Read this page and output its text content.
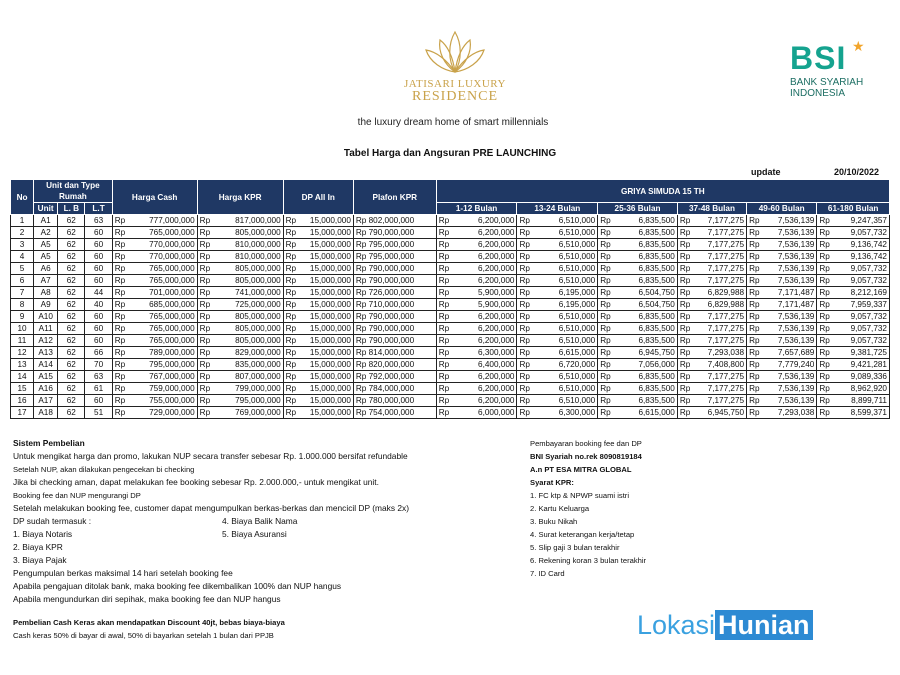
JATISARI LUXURY
RESIDENCE
the luxury dream home of smart millennials
BSI ★
BANK SYARIAH
INDONESIA
Tabel Harga dan Angsuran PRE LAUNCHING
update	20/10/2022
No	Unit dan Type Rumah			Harga Cash		Harga KPR		DP All In		Plafon KPR	GRIYA SIMUDA 15 TH											
	Unit	L. B	L.T								1-12 Bulan		13-24 Bulan		25-36 Bulan		37-48 Bulan		49-60 Bulan		61-180 Bulan	
1	A1	62	63	Rp	777,000,000	Rp	817,000,000	Rp	15,000,000	Rp 802,000,000	Rp	6,200,000	Rp	6,510,000	Rp	6,835,500	Rp	7,177,275	Rp	7,536,139	Rp	9,247,357
2	A2	62	60	Rp	765,000,000	Rp	805,000,000	Rp	15,000,000	Rp 790,000,000	Rp	6,200,000	Rp	6,510,000	Rp	6,835,500	Rp	7,177,275	Rp	7,536,139	Rp	9,057,732
3	A5	62	60	Rp	770,000,000	Rp	810,000,000	Rp	15,000,000	Rp 795,000,000	Rp	6,200,000	Rp	6,510,000	Rp	6,835,500	Rp	7,177,275	Rp	7,536,139	Rp	9,136,742
4	A5	62	60	Rp	770,000,000	Rp	810,000,000	Rp	15,000,000	Rp 795,000,000	Rp	6,200,000	Rp	6,510,000	Rp	6,835,500	Rp	7,177,275	Rp	7,536,139	Rp	9,136,742
5	A6	62	60	Rp	765,000,000	Rp	805,000,000	Rp	15,000,000	Rp 790,000,000	Rp	6,200,000	Rp	6,510,000	Rp	6,835,500	Rp	7,177,275	Rp	7,536,139	Rp	9,057,732
6	A7	62	60	Rp	765,000,000	Rp	805,000,000	Rp	15,000,000	Rp 790,000,000	Rp	6,200,000	Rp	6,510,000	Rp	6,835,500	Rp	7,177,275	Rp	7,536,139	Rp	9,057,732
7	A8	62	44	Rp	701,000,000	Rp	741,000,000	Rp	15,000,000	Rp 726,000,000	Rp	5,900,000	Rp	6,195,000	Rp	6,504,750	Rp	6,829,988	Rp	7,171,487	Rp	8,212,169
8	A9	62	40	Rp	685,000,000	Rp	725,000,000	Rp	15,000,000	Rp 710,000,000	Rp	5,900,000	Rp	6,195,000	Rp	6,504,750	Rp	6,829,988	Rp	7,171,487	Rp	7,959,337
9	A10	62	60	Rp	765,000,000	Rp	805,000,000	Rp	15,000,000	Rp 790,000,000	Rp	6,200,000	Rp	6,510,000	Rp	6,835,500	Rp	7,177,275	Rp	7,536,139	Rp	9,057,732
10	A11	62	60	Rp	765,000,000	Rp	805,000,000	Rp	15,000,000	Rp 790,000,000	Rp	6,200,000	Rp	6,510,000	Rp	6,835,500	Rp	7,177,275	Rp	7,536,139	Rp	9,057,732
11	A12	62	60	Rp	765,000,000	Rp	805,000,000	Rp	15,000,000	Rp 790,000,000	Rp	6,200,000	Rp	6,510,000	Rp	6,835,500	Rp	7,177,275	Rp	7,536,139	Rp	9,057,732
12	A13	62	66	Rp	789,000,000	Rp	829,000,000	Rp	15,000,000	Rp 814,000,000	Rp	6,300,000	Rp	6,615,000	Rp	6,945,750	Rp	7,293,038	Rp	7,657,689	Rp	9,381,725
13	A14	62	70	Rp	795,000,000	Rp	835,000,000	Rp	15,000,000	Rp 820,000,000	Rp	6,400,000	Rp	6,720,000	Rp	7,056,000	Rp	7,408,800	Rp	7,779,240	Rp	9,421,281
14	A15	62	63	Rp	767,000,000	Rp	807,000,000	Rp	15,000,000	Rp 792,000,000	Rp	6,200,000	Rp	6,510,000	Rp	6,835,500	Rp	7,177,275	Rp	7,536,139	Rp	9,089,336
15	A16	62	61	Rp	759,000,000	Rp	799,000,000	Rp	15,000,000	Rp 784,000,000	Rp	6,200,000	Rp	6,510,000	Rp	6,835,500	Rp	7,177,275	Rp	7,536,139	Rp	8,962,920
16	A17	62	60	Rp	755,000,000	Rp	795,000,000	Rp	15,000,000	Rp 780,000,000	Rp	6,200,000	Rp	6,510,000	Rp	6,835,500	Rp	7,177,275	Rp	7,536,139	Rp	8,899,711
17	A18	62	51	Rp	729,000,000	Rp	769,000,000	Rp	15,000,000	Rp 754,000,000	Rp	6,000,000	Rp	6,300,000	Rp	6,615,000	Rp	6,945,750	Rp	7,293,038	Rp	8,599,371
Sistem Pembelian
Untuk mengikat harga dan promo, lakukan NUP secara transfer sebesar Rp. 1.000.000 bersifat refundable
Setelah NUP, akan dilakukan pengecekan bi checking
Jika bi checking aman, dapat melakukan fee booking sebesar Rp. 2.000.000,- untuk mengikat unit.
Booking fee dan NUP mengurangi DP
Setelah melakukan booking fee, customer dapat mengumpulkan berkas-berkas dan mencicil DP (maks 2x)
DP sudah termasuk :
1. Biaya Notaris
2. Biaya KPR
3. Biaya Pajak
4. Biaya Balik Nama
5. Biaya Asuransi
Pengumpulan berkas maksimal 14 hari setelah booking fee
Apabila pengajuan ditolak bank, maka booking fee dikembalikan 100% dan NUP hangus
Apabila mengundurkan diri sepihak, maka booking fee dan NUP hangus
Pembelian Cash Keras akan mendapatkan Discount 40jt, bebas biaya-biaya
Cash keras 50% di bayar di awal, 50% di bayarkan setelah 1 bulan dari PPJB
Pembayaran booking fee dan DP
BNI Syariah no.rek 8090819184
A.n PT ESA MITRA GLOBAL
Syarat KPR:
1. FC ktp & NPWP suami istri
2. Kartu Keluarga
3. Buku Nikah
4. Surat keterangan kerja/tetap
5. Slip gaji 3 bulan terakhir
6. Rekening koran 3 bulan terakhir
7. ID Card
Lokasi Hunian
